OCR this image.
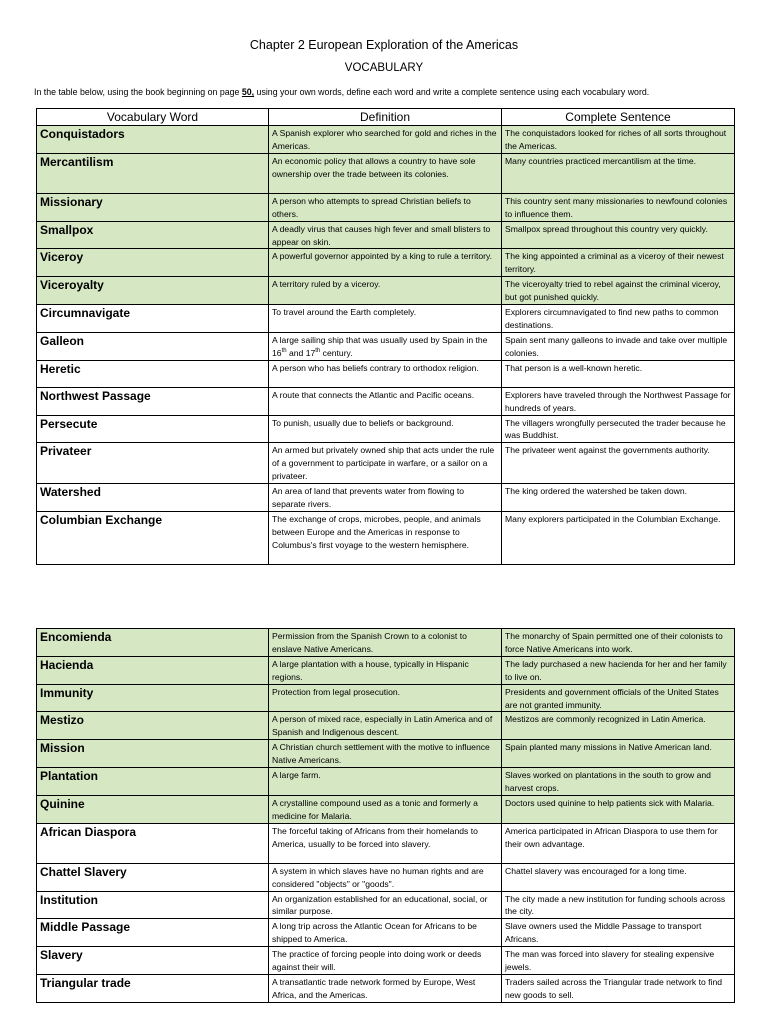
Chapter 2 European Exploration of the Americas
VOCABULARY
In the table below, using the book beginning on page 50, using your own words, define each word and write a complete sentence using each vocabulary word.
Vocabulary Word	Definition	Complete Sentence
Conquistadors	A Spanish explorer who searched for gold and riches in the Americas.	The conquistadors looked for riches of all sorts throughout the Americas.
Mercantilism	An economic policy that allows a country to have sole ownership over the trade between its colonies.	Many countries practiced mercantilism at the time.
Missionary	A person who attempts to spread Christian beliefs to others.	This country sent many missionaries to newfound colonies to influence them.
Smallpox	A deadly virus that causes high fever and small blisters to appear on skin.	Smallpox spread throughout this country very quickly.
Viceroy	A powerful governor appointed by a king to rule a territory.	The king appointed a criminal as a viceroy of their newest territory.
Viceroyalty	A territory ruled by a viceroy.	The viceroyalty tried to rebel against the criminal viceroy, but got punished quickly.
Circumnavigate	To travel around the Earth completely.	Explorers circumnavigated to find new paths to common destinations.
Galleon	A large sailing ship that was usually used by Spain in the 16th and 17th century.	Spain sent many galleons to invade and take over multiple colonies.
Heretic	A person who has beliefs contrary to orthodox religion.	That person is a well-known heretic.
Northwest Passage	A route that connects the Atlantic and Pacific oceans.	Explorers have traveled through the Northwest Passage for hundreds of years.
Persecute	To punish, usually due to beliefs or background.	The villagers wrongfully persecuted the trader because he was Buddhist.
Privateer	An armed but privately owned ship that acts under the rule of a government to participate in warfare, or a sailor on a privateer.	The privateer went against the governments authority.
Watershed	An area of land that prevents water from flowing to separate rivers.	The king ordered the watershed be taken down.
Columbian Exchange	The exchange of crops, microbes, people, and animals between Europe and the Americas in response to Columbus's first voyage to the western hemisphere.	Many explorers participated in the Columbian Exchange.
Encomienda	Permission from the Spanish Crown to a colonist to enslave Native Americans.	The monarchy of Spain permitted one of their colonists to force Native Americans into work.
Hacienda	A large plantation with a house, typically in Hispanic regions.	The lady purchased a new hacienda for her and her family to live on.
Immunity	Protection from legal prosecution.	Presidents and government officials of the United States are not granted immunity.
Mestizo	A person of mixed race, especially in Latin America and of Spanish and Indigenous descent.	Mestizos are commonly recognized in Latin America.
Mission	A Christian church settlement with the motive to influence Native Americans.	Spain planted many missions in Native American land.
Plantation	A large farm.	Slaves worked on plantations in the south to grow and harvest crops.
Quinine	A crystalline compound used as a tonic and formerly a medicine for Malaria.	Doctors used quinine to help patients sick with Malaria.
African Diaspora	The forceful taking of Africans from their homelands to America, usually to be forced into slavery.	America participated in African Diaspora to use them for their own advantage.
Chattel Slavery	A system in which slaves have no human rights and are considered "objects" or "goods".	Chattel slavery was encouraged for a long time.
Institution	An organization established for an educational, social, or similar purpose.	The city made a new institution for funding schools across the city.
Middle Passage	A long trip across the Atlantic Ocean for Africans to be shipped to America.	Slave owners used the Middle Passage to transport Africans.
Slavery	The practice of forcing people into doing work or deeds against their will.	The man was forced into slavery for stealing expensive jewels.
Triangular trade	A transatlantic trade network formed by Europe, West Africa, and the Americas.	Traders sailed across the Triangular trade network to find new goods to sell.
